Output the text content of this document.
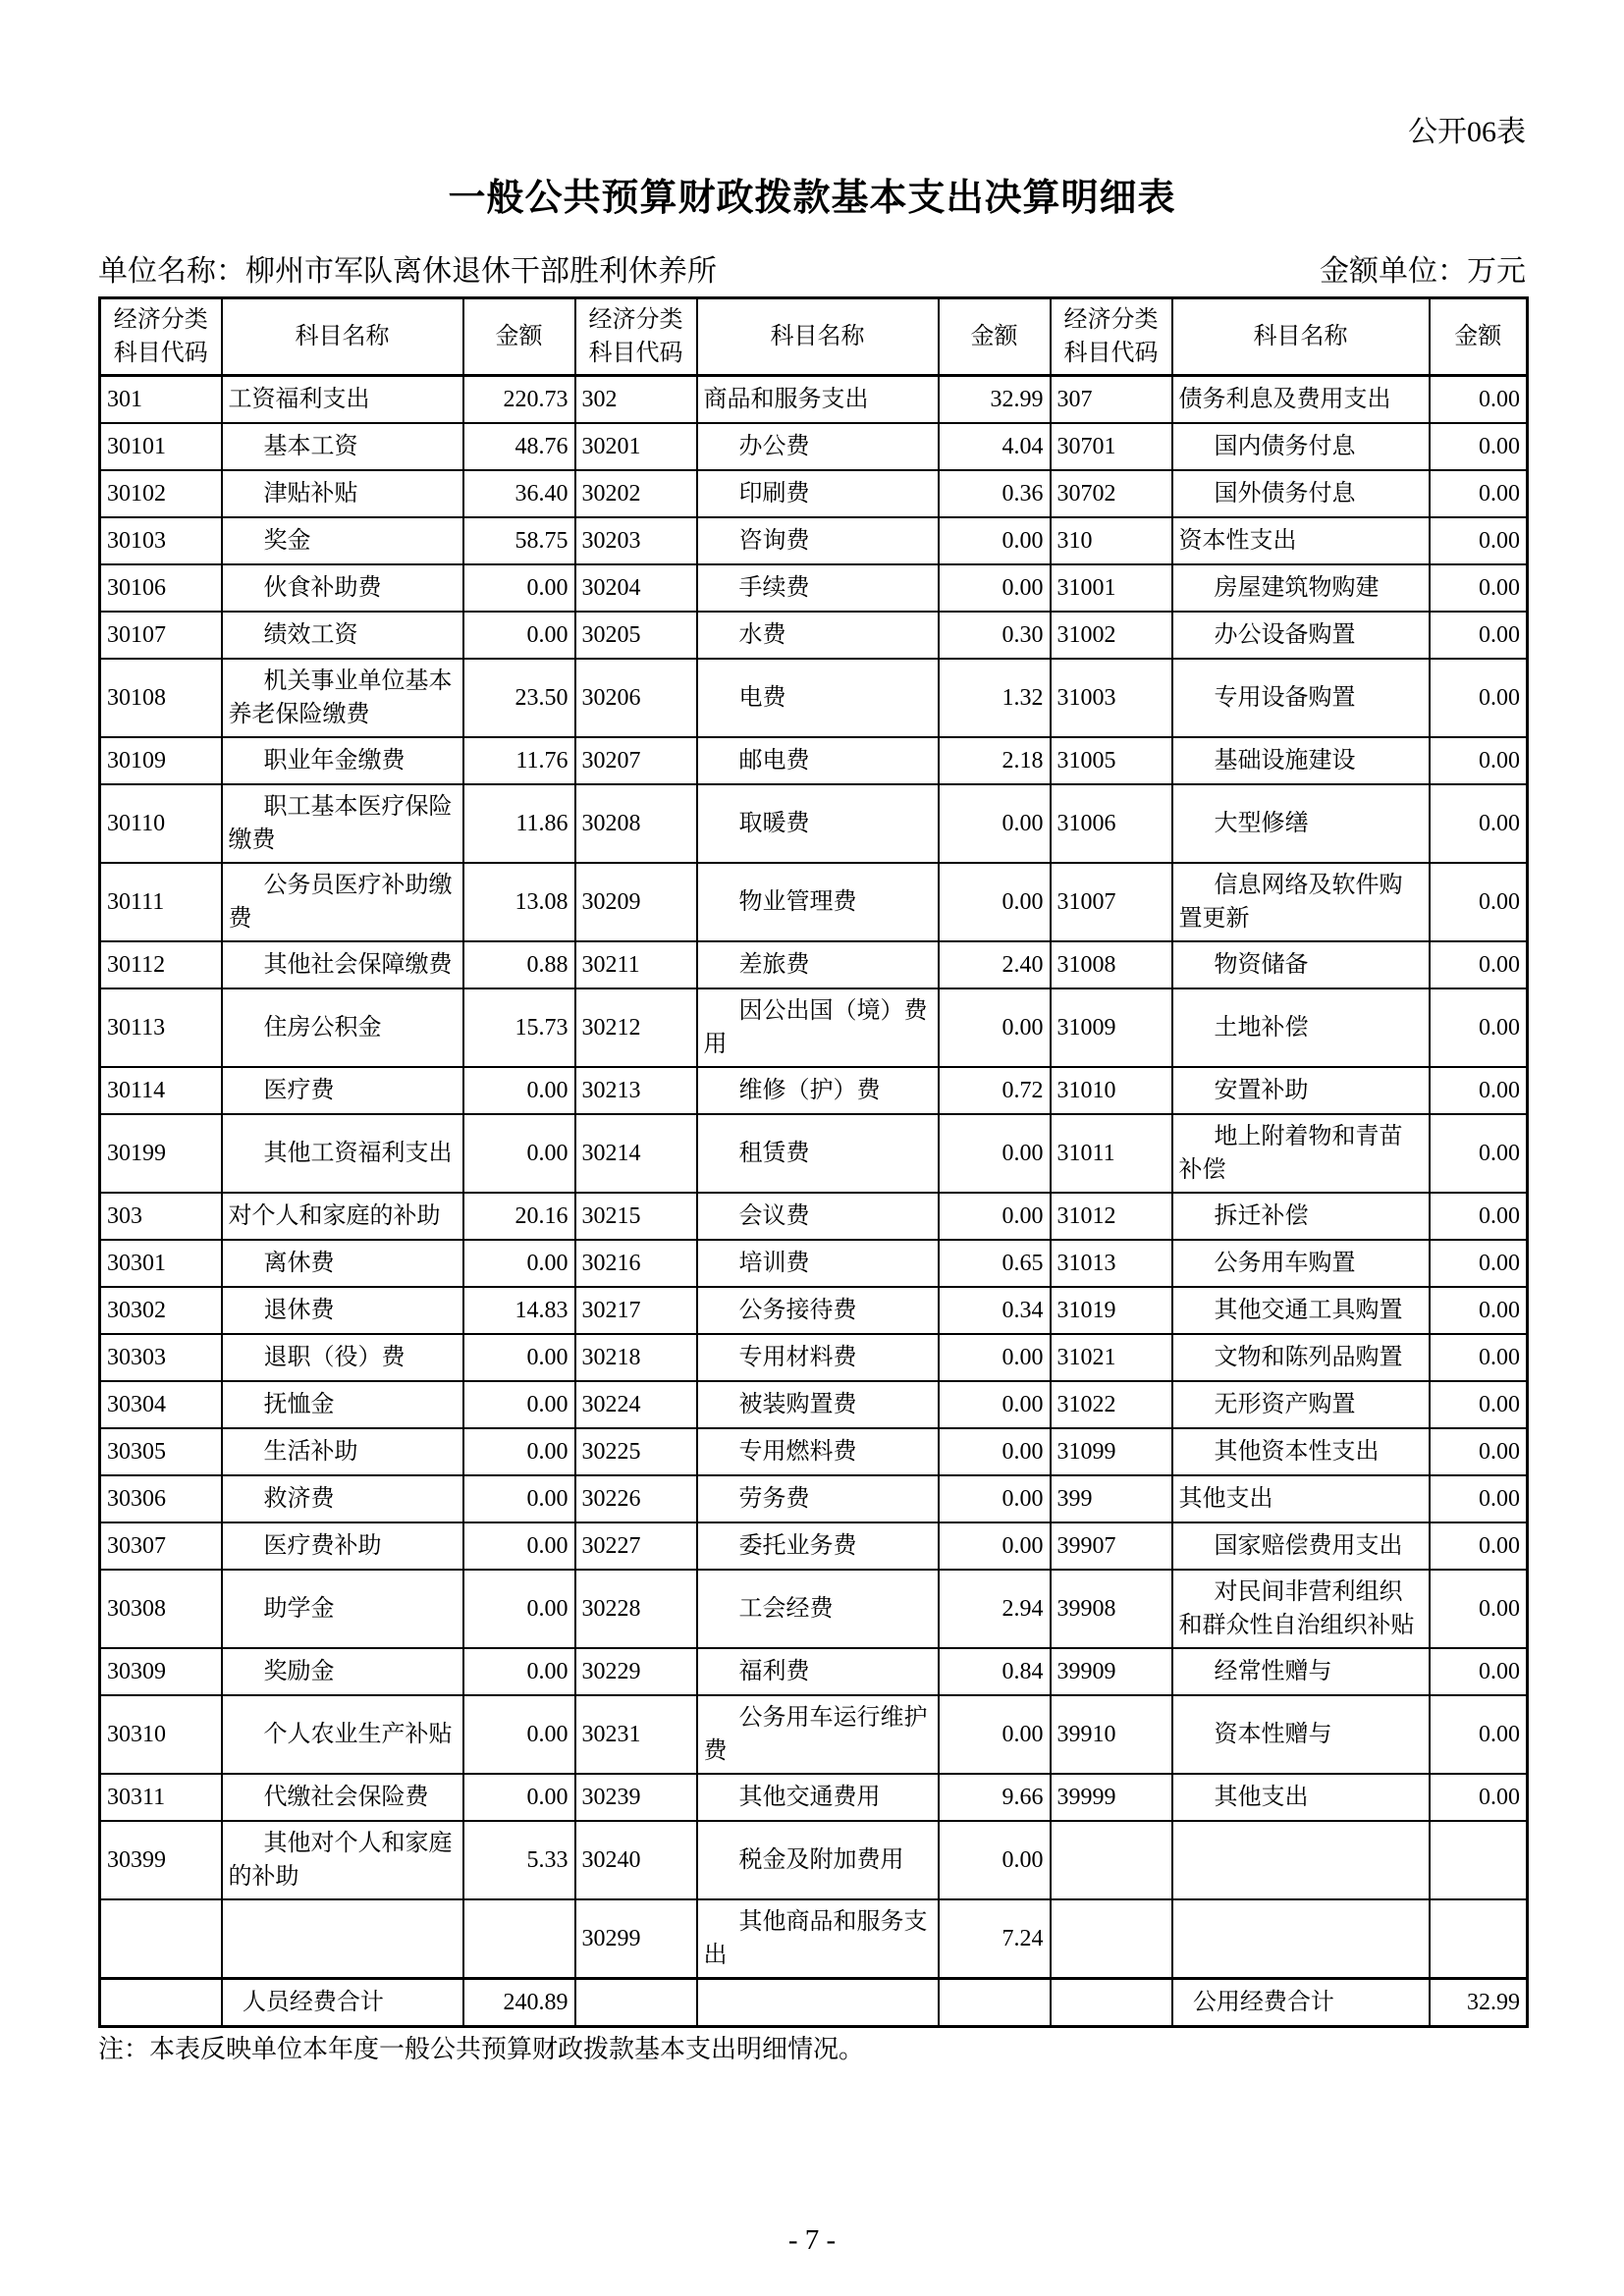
公开06表
一般公共预算财政拨款基本支出决算明细表
单位名称：柳州市军队离休退休干部胜利休养所	金额单位：万元
经济分类科目代码	科目名称	金额	经济分类科目代码	科目名称	金额	经济分类科目代码	科目名称	金额
301	工资福利支出	220.73	302	商品和服务支出	32.99	307	债务利息及费用支出	0.00
30101	基本工资	48.76	30201	办公费	4.04	30701	国内债务付息	0.00
30102	津贴补贴	36.40	30202	印刷费	0.36	30702	国外债务付息	0.00
30103	奖金	58.75	30203	咨询费	0.00	310	资本性支出	0.00
30106	伙食补助费	0.00	30204	手续费	0.00	31001	房屋建筑物购建	0.00
30107	绩效工资	0.00	30205	水费	0.30	31002	办公设备购置	0.00
30108	机关事业单位基本养老保险缴费	23.50	30206	电费	1.32	31003	专用设备购置	0.00
30109	职业年金缴费	11.76	30207	邮电费	2.18	31005	基础设施建设	0.00
30110	职工基本医疗保险缴费	11.86	30208	取暖费	0.00	31006	大型修缮	0.00
30111	公务员医疗补助缴费	13.08	30209	物业管理费	0.00	31007	信息网络及软件购置更新	0.00
30112	其他社会保障缴费	0.88	30211	差旅费	2.40	31008	物资储备	0.00
30113	住房公积金	15.73	30212	因公出国（境）费用	0.00	31009	土地补偿	0.00
30114	医疗费	0.00	30213	维修（护）费	0.72	31010	安置补助	0.00
30199	其他工资福利支出	0.00	30214	租赁费	0.00	31011	地上附着物和青苗补偿	0.00
303	对个人和家庭的补助	20.16	30215	会议费	0.00	31012	拆迁补偿	0.00
30301	离休费	0.00	30216	培训费	0.65	31013	公务用车购置	0.00
30302	退休费	14.83	30217	公务接待费	0.34	31019	其他交通工具购置	0.00
30303	退职（役）费	0.00	30218	专用材料费	0.00	31021	文物和陈列品购置	0.00
30304	抚恤金	0.00	30224	被装购置费	0.00	31022	无形资产购置	0.00
30305	生活补助	0.00	30225	专用燃料费	0.00	31099	其他资本性支出	0.00
30306	救济费	0.00	30226	劳务费	0.00	399	其他支出	0.00
30307	医疗费补助	0.00	30227	委托业务费	0.00	39907	国家赔偿费用支出	0.00
30308	助学金	0.00	30228	工会经费	2.94	39908	对民间非营利组织和群众性自治组织补贴	0.00
30309	奖励金	0.00	30229	福利费	0.84	39909	经常性赠与	0.00
30310	个人农业生产补贴	0.00	30231	公务用车运行维护费	0.00	39910	资本性赠与	0.00
30311	代缴社会保险费	0.00	30239	其他交通费用	9.66	39999	其他支出	0.00
30399	其他对个人和家庭的补助	5.33	30240	税金及附加费用	0.00			
			30299	其他商品和服务支出	7.24			
	人员经费合计	240.89					公用经费合计	32.99
注：本表反映单位本年度一般公共预算财政拨款基本支出明细情况。
- 7 -
